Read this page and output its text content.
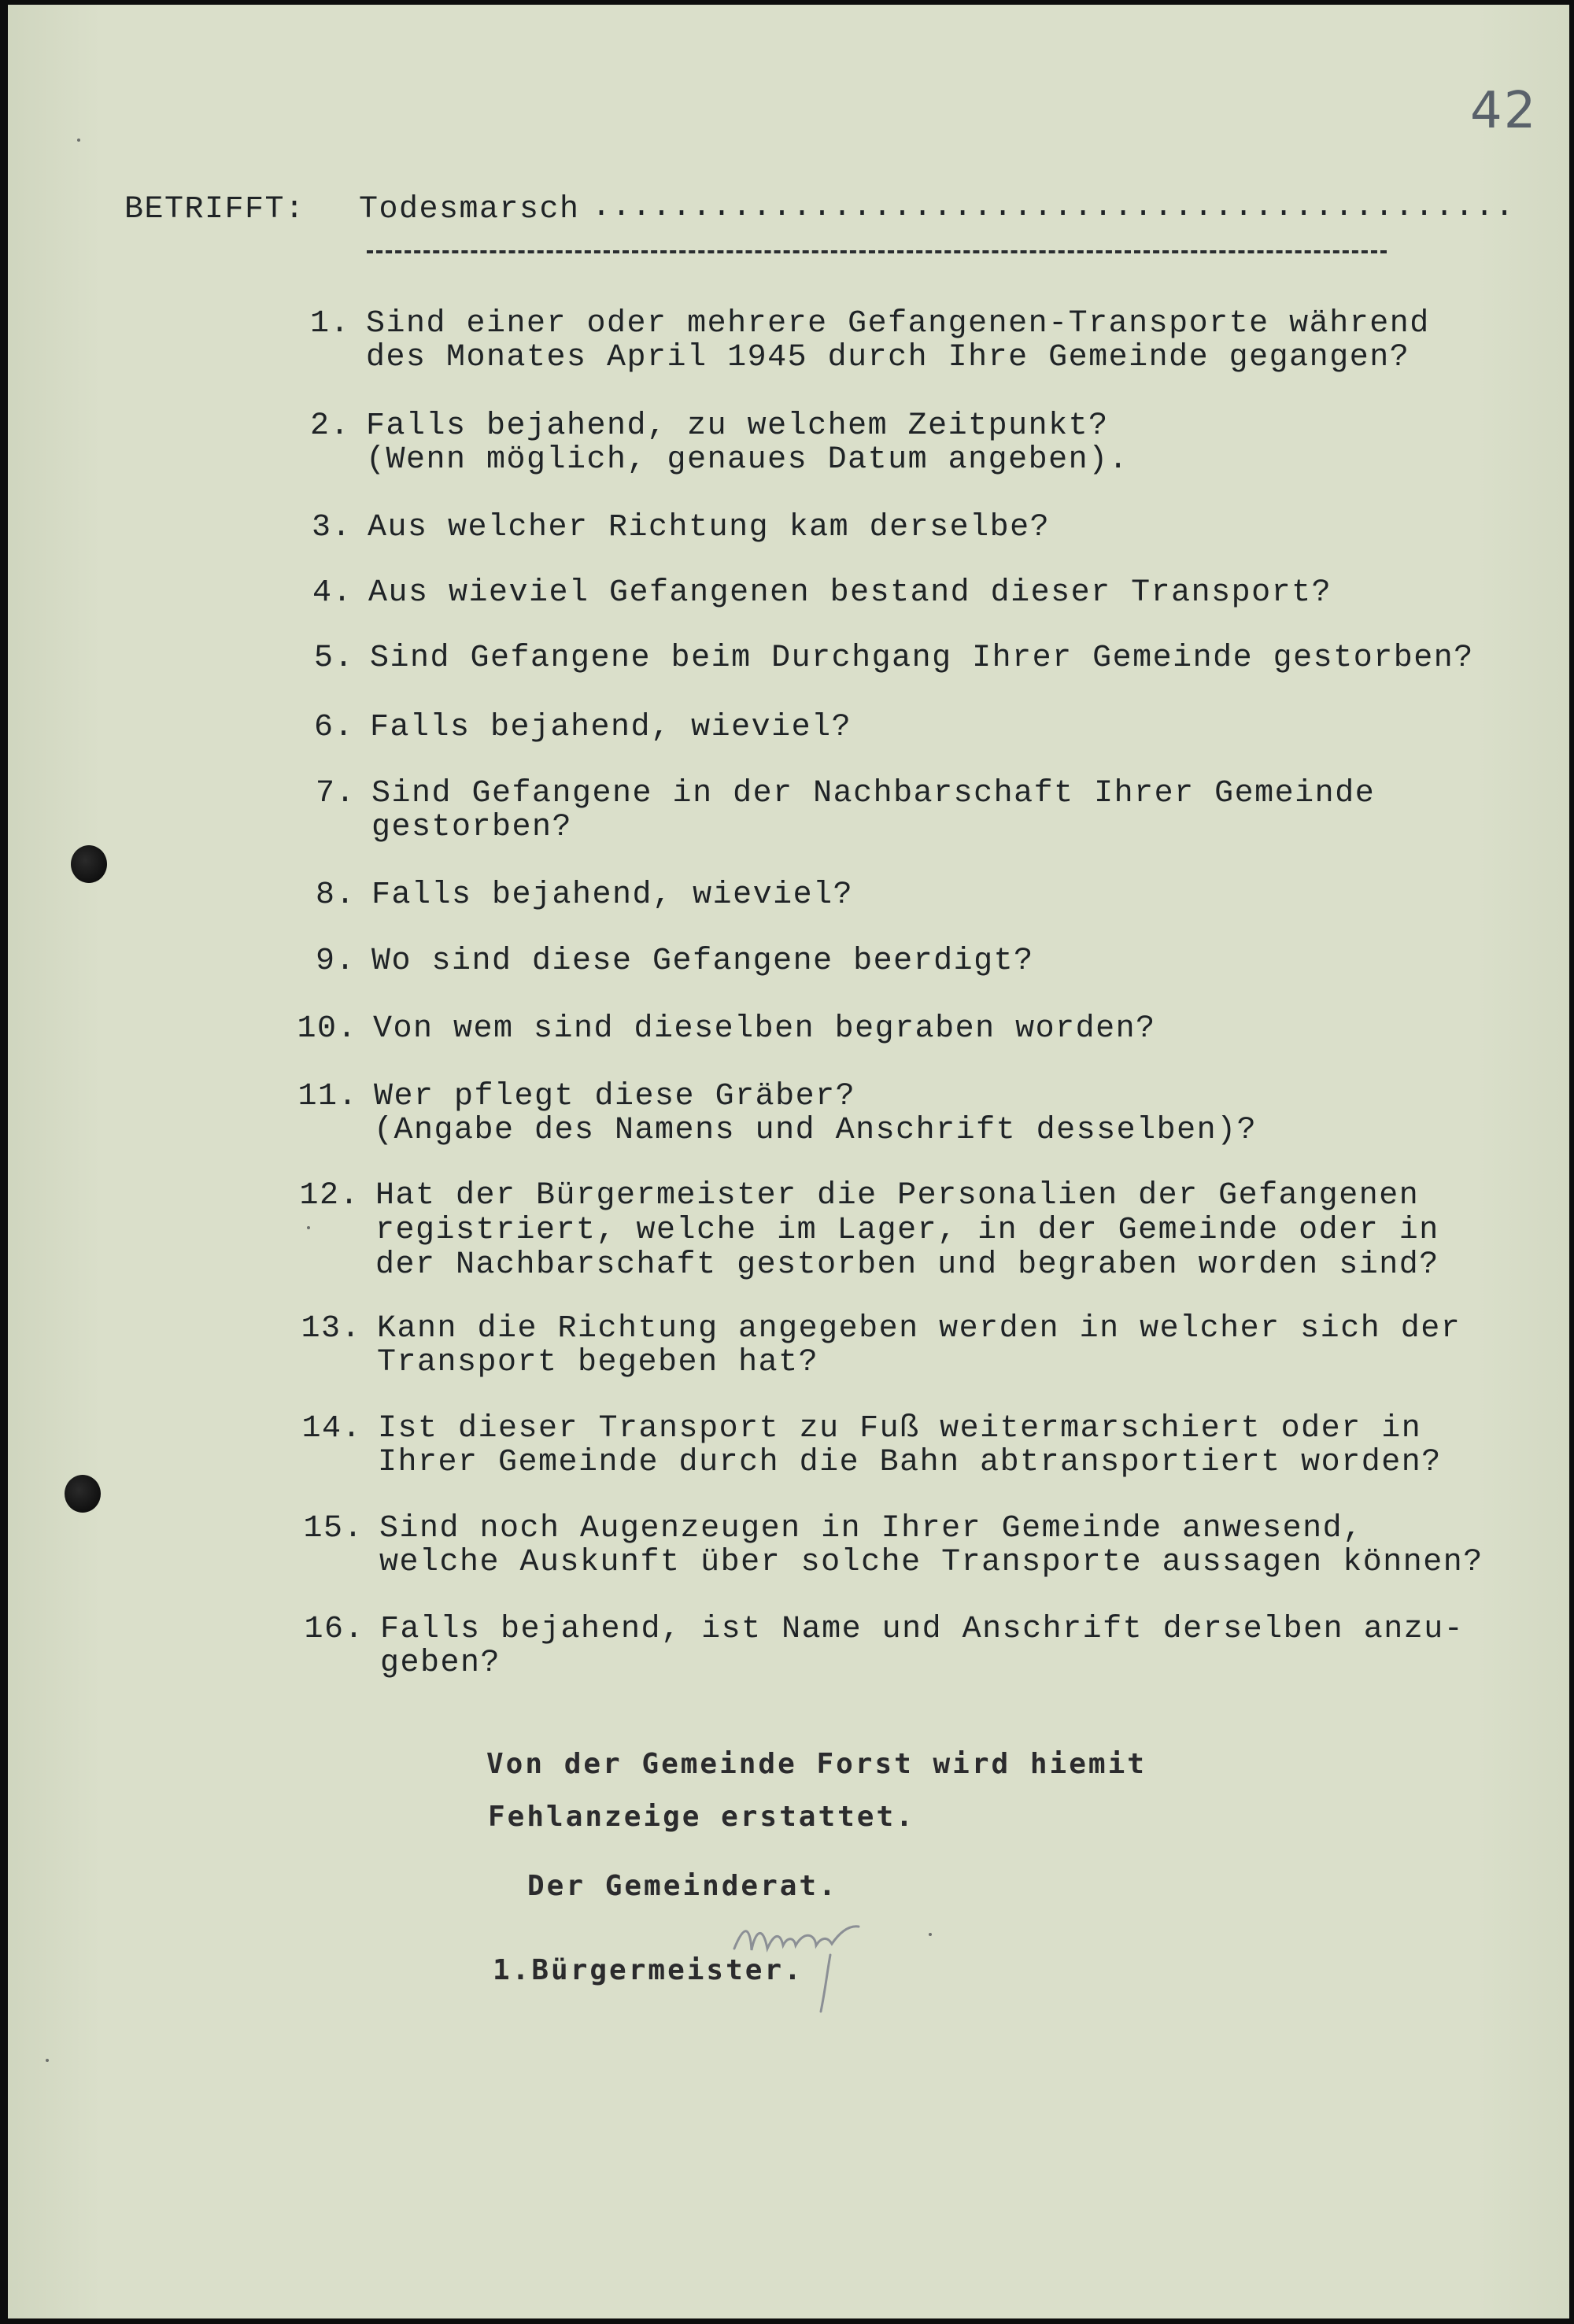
42
BETRIFFT: Todesmarsch ..............................................
1. Sind einer oder mehrere Gefangenen-Transporte während
des Monates April 1945 durch Ihre Gemeinde gegangen?
2. Falls bejahend, zu welchem Zeitpunkt?
(Wenn möglich, genaues Datum angeben).
3. Aus welcher Richtung kam derselbe?
4. Aus wieviel Gefangenen bestand dieser Transport?
5. Sind Gefangene beim Durchgang Ihrer Gemeinde gestorben?
6. Falls bejahend, wieviel?
7. Sind Gefangene in der Nachbarschaft Ihrer Gemeinde
gestorben?
8. Falls bejahend, wieviel?
9. Wo sind diese Gefangene beerdigt?
10. Von wem sind dieselben begraben worden?
11. Wer pflegt diese Gräber?
(Angabe des Namens und Anschrift desselben)?
12. Hat der Bürgermeister die Personalien der Gefangenen
registriert, welche im Lager, in der Gemeinde oder in
der Nachbarschaft gestorben und begraben worden sind?
13. Kann die Richtung angegeben werden in welcher sich der
Transport begeben hat?
14. Ist dieser Transport zu Fuß weitermarschiert oder in
Ihrer Gemeinde durch die Bahn abtransportiert worden?
15. Sind noch Augenzeugen in Ihrer Gemeinde anwesend,
welche Auskunft über solche Transporte aussagen können?
16. Falls bejahend, ist Name und Anschrift derselben anzu-
geben?
Von der Gemeinde Forst wird hiemit
Fehlanzeige erstattet.
Der Gemeinderat.
1.Bürgermeister.
